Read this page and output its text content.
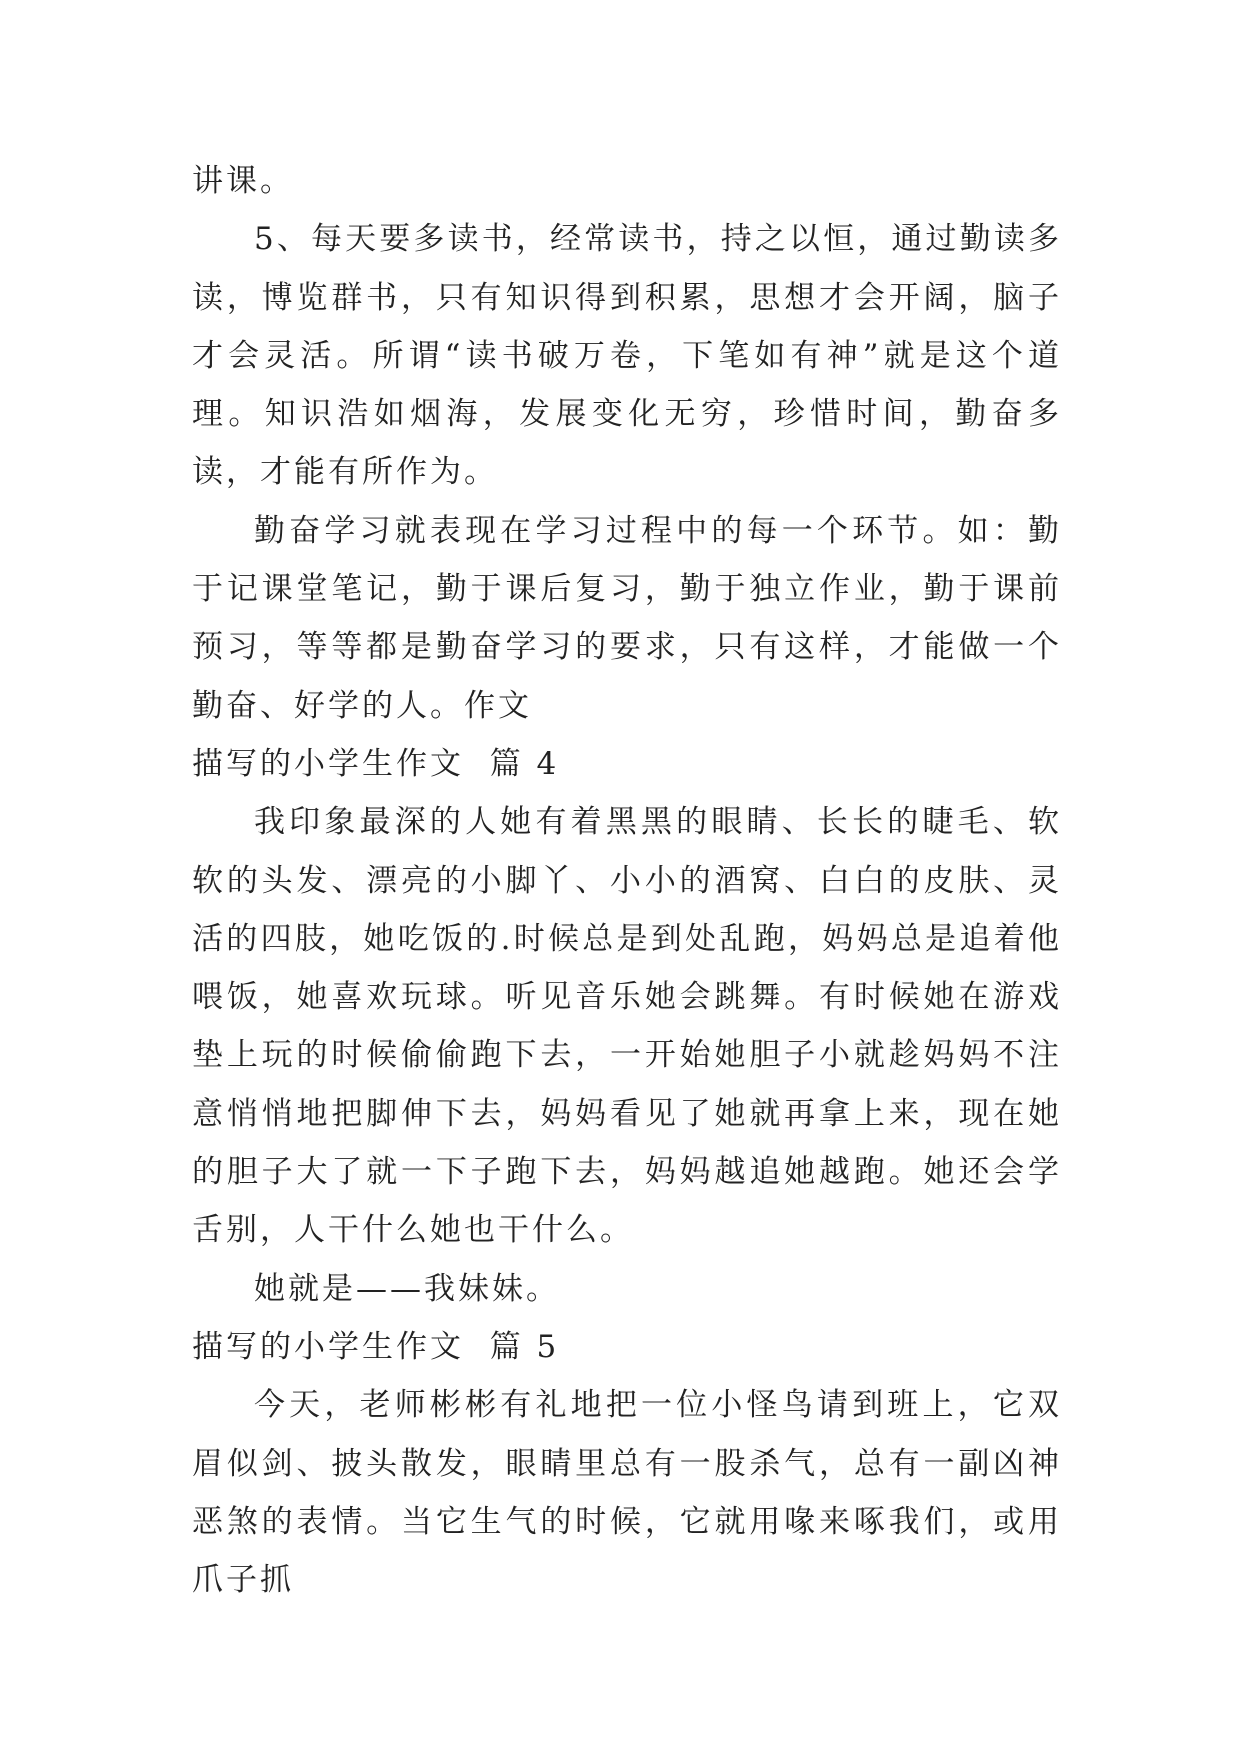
讲课。

5、每天要多读书，经常读书，持之以恒，通过勤读多读，博览群书，只有知识得到积累，思想才会开阔，脑子才会灵活。所谓“读书破万卷，下笔如有神”就是这个道理。知识浩如烟海，发展变化无穷，珍惜时间，勤奋多读，才能有所作为。

勤奋学习就表现在学习过程中的每一个环节。如：勤于记课堂笔记，勤于课后复习，勤于独立作业，勤于课前预习，等等都是勤奋学习的要求，只有这样，才能做一个勤奋、好学的人。作文

描写的小学生作文  篇 4

我印象最深的人她有着黑黑的眼睛、长长的睫毛、软软的头发、漂亮的小脚丫、小小的酒窝、白白的皮肤、灵活的四肢，她吃饭的.时候总是到处乱跑，妈妈总是追着他喂饭，她喜欢玩球。听见音乐她会跳舞。有时候她在游戏垫上玩的时候偷偷跑下去，一开始她胆子小就趁妈妈不注意悄悄地把脚伸下去，妈妈看见了她就再拿上来，现在她的胆子大了就一下子跑下去，妈妈越追她越跑。她还会学舌别，人干什么她也干什么。

她就是——我妹妹。

描写的小学生作文  篇 5

今天，老师彬彬有礼地把一位小怪鸟请到班上，它双眉似剑、披头散发，眼睛里总有一股杀气，总有一副凶神恶煞的表情。当它生气的时候，它就用喙来啄我们，或用爪子抓
